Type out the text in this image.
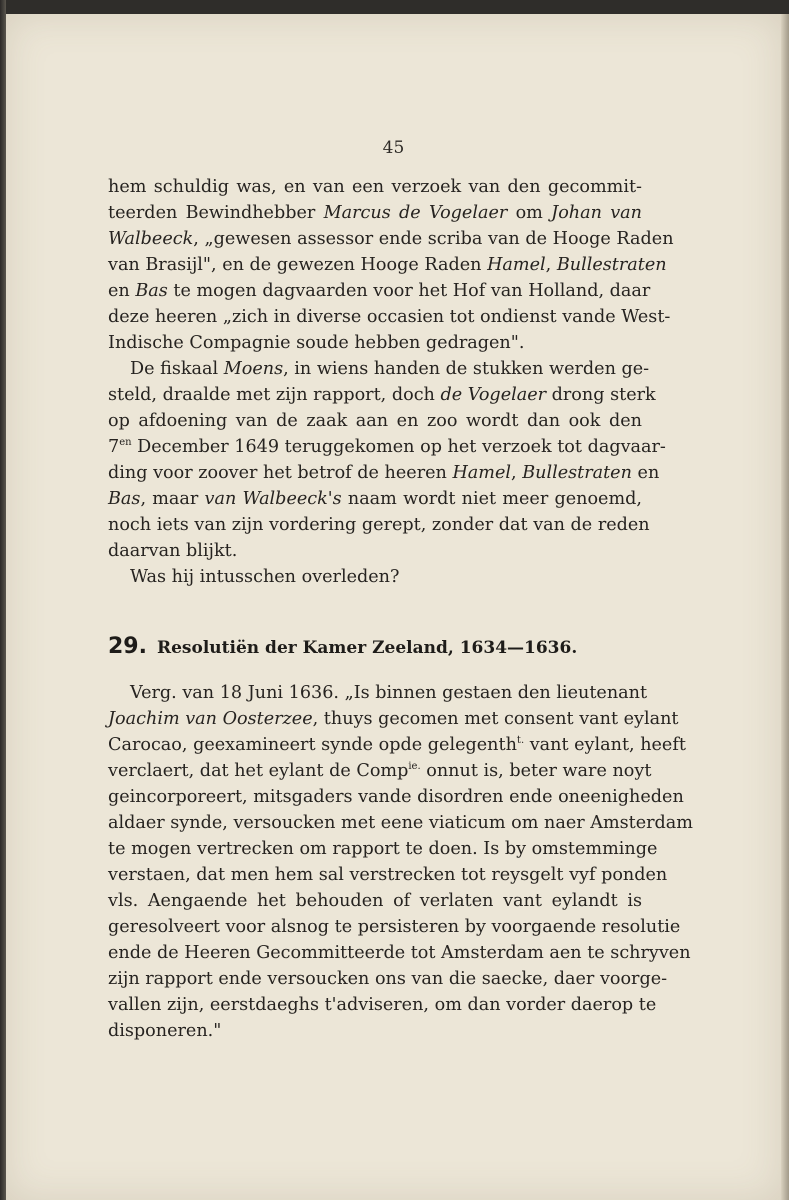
45

hem schuldig was, en van een verzoek van den gecommit-

teerden Bewindhebber Marcus de Vogelaer om Johan van

Walbeeck, „gewesen assessor ende scriba van de Hooge Raden

van Brasijl", en de gewezen Hooge Raden Hamel, Bullestraten

en Bas te mogen dagvaarden voor het Hof van Holland, daar

deze heeren „zich in diverse occasien tot ondienst vande West-

Indische Compagnie soude hebben gedragen".

De fiskaal Moens, in wiens handen de stukken werden ge-

steld, draalde met zijn rapport, doch de Vogelaer drong sterk

op afdoening van de zaak aan en zoo wordt dan ook den

$7^{en}$ December 1649 teruggekomen op het verzoek tot dagvaar-

ding voor zoover het betrof de heeren Hamel, Bullestraten en

Bas, maar van Walbeeck's naam wordt niet meer genoemd,

noch iets van zijn vordering gerept, zonder dat van de reden

daarvan blijkt.

Was hij intusschen overleden?

29. Resolutiën der Kamer Zeeland, 1634—1636.

Verg. van 18 Juni 1636. „Is binnen gestaen den lieutenant

Joachim van Oosterzee, thuys gecomen met consent vant eylant

Carocao, geexamineert synde opde gelegenth$^{t.}$ vant eylant, heeft

verclaert, dat het eylant de Comp$^{ie.}$ onnut is, beter ware noyt

geincorporeert, mitsgaders vande disordren ende oneenigheden

aldaer synde, versoucken met eene viaticum om naer Amsterdam

te mogen vertrecken om rapport te doen. Is by omstemminge

verstaen, dat men hem sal verstrecken tot reysgelt vyf ponden

vls. Aengaende het behouden of verlaten vant eylandt is

geresolveert voor alsnog te persisteren by voorgaende resolutie

ende de Heeren Gecommitteerde tot Amsterdam aen te schryven

zijn rapport ende versoucken ons van die saecke, daer voorge-

vallen zijn, eerstdaeghs t'adviseren, om dan vorder daerop te

disponeren."
